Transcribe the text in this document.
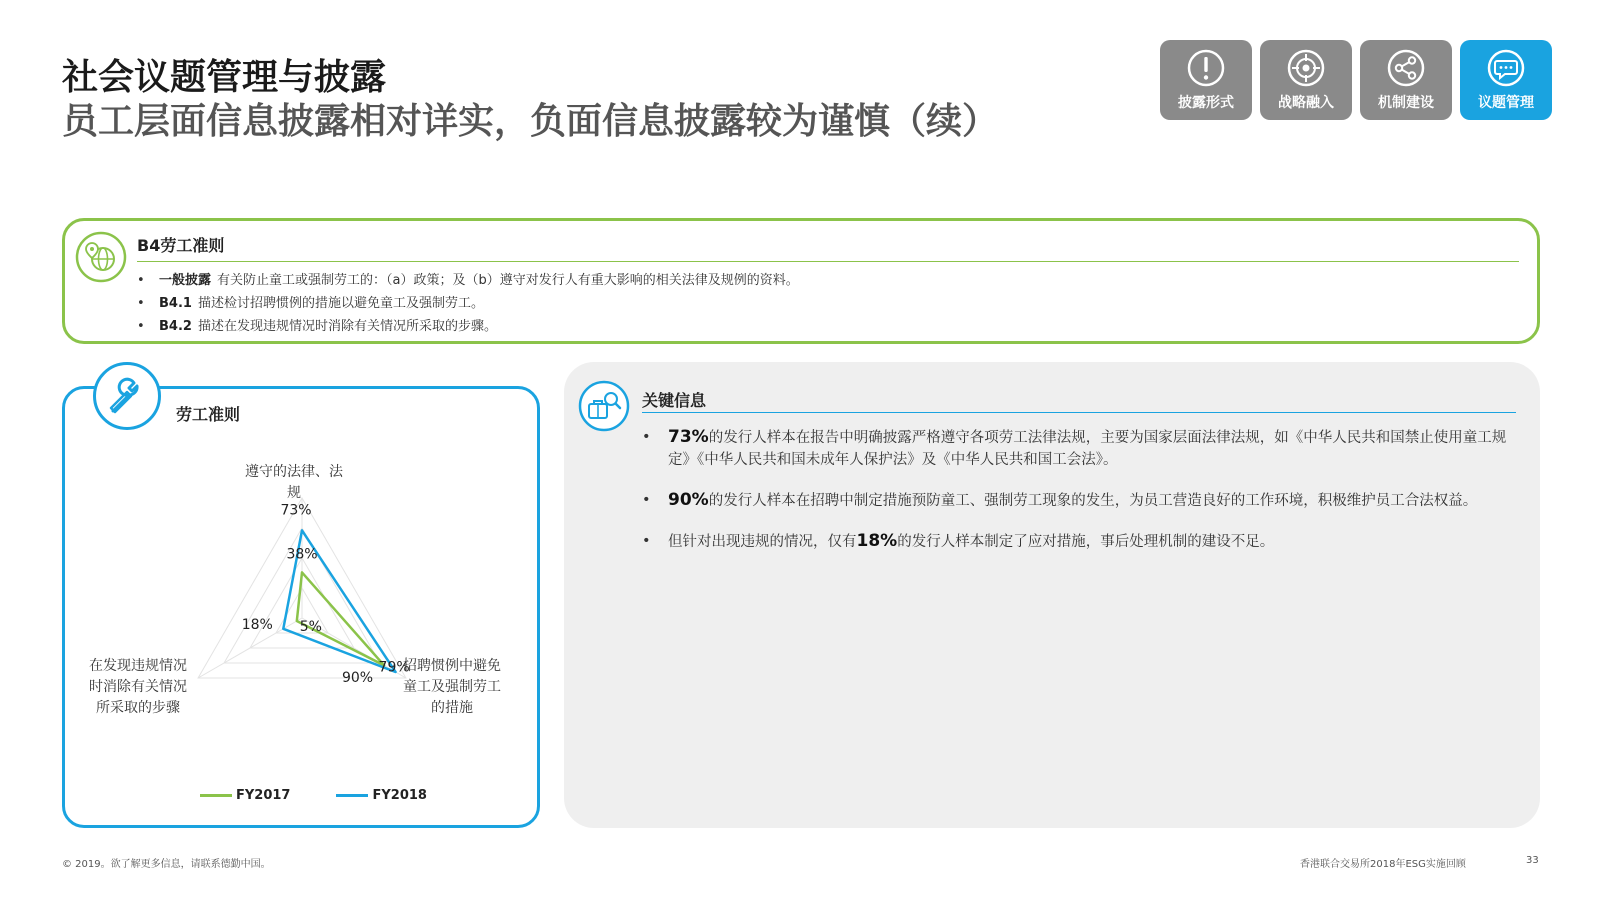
社会议题管理与披露
员工层面信息披露相对详实，负面信息披露较为谨慎（续）	披露形式	战略融入	机制建设	议题管理
B4劳工准则
• 一般披露 有关防止童工或强制劳工的：（a）政策；及（b）遵守对发行人有重大影响的相关法律及规例的资料。
• B4.1 描述检讨招聘惯例的措施以避免童工及强制劳工。
• B4.2 描述在发现违规情况时消除有关情况所采取的步骤。
劳工准则
38%
79%
5%
73%
90%
18%
遵守的法律、法
规
招聘惯例中避免
童工及强制劳工
的措施
在发现违规情况
时消除有关情况
所采取的步骤
FY2017	FY2018
关键信息
• 73%的发行人样本在报告中明确披露严格遵守各项劳工法律法规，主要为国家层面法律法规，如《中华人民共和国禁止使用童工规定》《中华人民共和国未成年人保护法》及《中华人民共和国工会法》。
• 90%的发行人样本在招聘中制定措施预防童工、强制劳工现象的发生，为员工营造良好的工作环境，积极维护员工合法权益。
• 但针对出现违规的情况，仅有18%的发行人样本制定了应对措施，事后处理机制的建设不足。
© 2019。欲了解更多信息，请联系德勤中国。	香港联合交易所2018年ESG实施回顾	33
